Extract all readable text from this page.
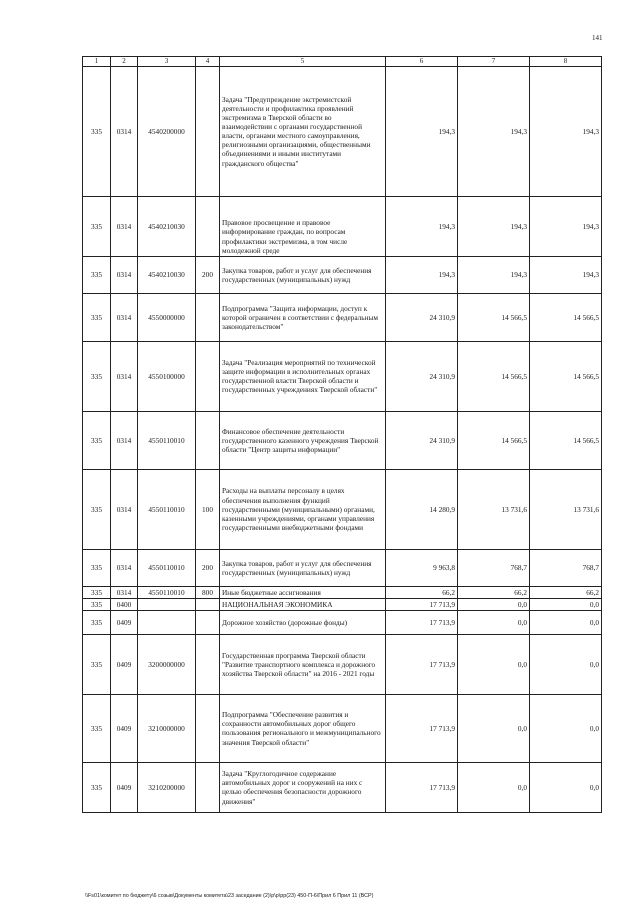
141
1	2	3	4	5	6	7	8
335	0314	4540200000		Задача "Предупреждение экстремистской деятельности и профилактика проявлений экстремизма в Тверской области во взаимодействии с органами государственной власти, органами местного самоуправления, религиозными организациями, общественными объединениями и иными институтами гражданского общества"	194,3	194,3	194,3
335	0314	4540210030		Правовое просвещение и правовое информирование граждан, по вопросам профилактики экстремизма, в том числе молодежной среде	194,3	194,3	194,3
335	0314	4540210030	200	Закупка товаров, работ и услуг для обеспечения государственных (муниципальных) нужд	194,3	194,3	194,3
335	0314	4550000000		Подпрограмма "Защита информации, доступ к которой ограничен в соответствии с федеральным законодательством"	24 310,9	14 566,5	14 566,5
335	0314	4550100000		Задача "Реализация мероприятий по технической защите информации в исполнительных органах государственной власти Тверской области и государственных учреждениях Тверской области"	24 310,9	14 566,5	14 566,5
335	0314	4550110010		Финансовое обеспечение деятельности государственного казенного учреждения Тверской области "Центр защиты информации"	24 310,9	14 566,5	14 566,5
335	0314	4550110010	100	Расходы на выплаты персоналу в целях обеспечения выполнения функций государственными (муниципальными) органами, казенными учреждениями, органами управления государственными внебюджетными фондами	14 280,9	13 731,6	13 731,6
335	0314	4550110010	200	Закупка товаров, работ и услуг для обеспечения государственных (муниципальных) нужд	9 963,8	768,7	768,7
335	0314	4550110010	800	Иные бюджетные ассигнования	66,2	66,2	66,2
335	0400			НАЦИОНАЛЬНАЯ ЭКОНОМИКА	17 713,9	0,0	0,0
335	0409			Дорожное хозяйство (дорожные фонды)	17 713,9	0,0	0,0
335	0409	3200000000		Государственная программа Тверской области "Развитие транспортного комплекса и дорожного хозяйства Тверской области" на 2016 - 2021 годы	17 713,9	0,0	0,0
335	0409	3210000000		Подпрограмма "Обеспечение развития и сохранности автомобильных дорог общего пользования регионального и межмуниципального значения Тверской области"	17 713,9	0,0	0,0
335	0409	3210200000		Задача "Круглогодичное содержание автомобильных дорог и сооружений на них с целью обеспечения безопасности дорожного движения"	17 713,9	0,0	0,0
\\Fs01\комитет по бюджету\6 созыв\Документы комитета\23 заседание (2)\р\р\рр(23) 450-П-6\Прил 6 Прил 11 (ВСР)
